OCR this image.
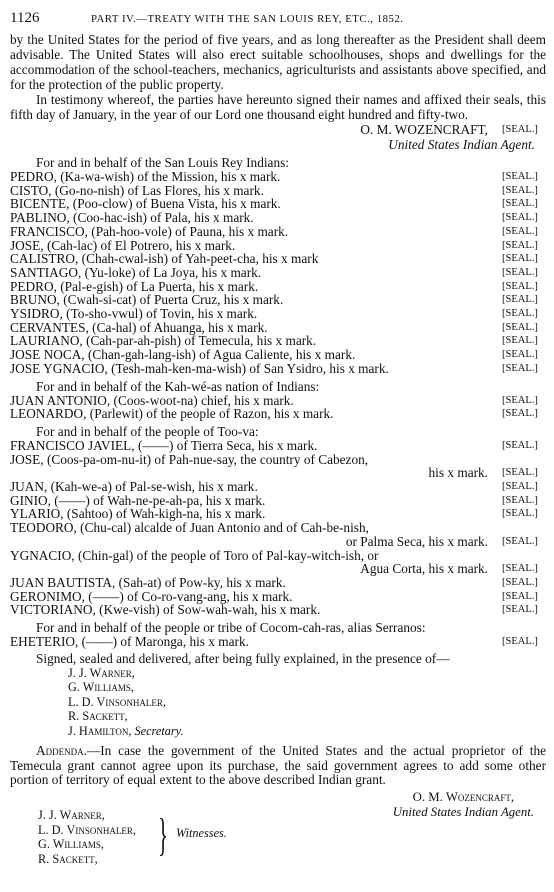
1126	PART IV.—TREATY WITH THE SAN LOUIS REY, ETC., 1852.

by the United States for the period of five years, and as long thereafter as the President shall deem advisable. The United States will also erect suitable schoolhouses, shops and dwellings for the accommodation of the school-teachers, mechanics, agriculturists and assistants above specified, and for the protection of the public property.

In testimony whereof, the parties have hereunto signed their names and affixed their seals, this fifth day of January, in the year of our Lord one thousand eight hundred and fifty-two.

O. M. WOZENCRAFT, [SEAL.]
United States Indian Agent.
For and in behalf of the San Louis Rey Indians:
PEDRO, (Ka-wa-wish) of the Mission, his x mark.	[SEAL.]
CISTO, (Go-no-nish) of Las Flores, his x mark.	[SEAL.]
BICENTE, (Poo-clow) of Buena Vista, his x mark.	[SEAL.]
PABLINO, (Coo-hac-ish) of Pala, his x mark.	[SEAL.]
FRANCISCO, (Pah-hoo-vole) of Pauna, his x mark.	[SEAL.]
JOSE, (Cah-lac) of El Potrero, his x mark.	[SEAL.]
CALISTRO, (Chah-cwal-ish) of Yah-peet-cha, his x mark	[SEAL.]
SANTIAGO, (Yu-loke) of La Joya, his x mark.	[SEAL.]
PEDRO, (Pal-e-gish) of La Puerta, his x mark.	[SEAL.]
BRUNO, (Cwah-si-cat) of Puerta Cruz, his x mark.	[SEAL.]
YSIDRO, (To-sho-vwul) of Tovin, his x mark.	[SEAL.]
CERVANTES, (Ca-hal) of Ahuanga, his x mark.	[SEAL.]
LAURIANO, (Cah-par-ah-pish) of Temecula, his x mark.	[SEAL.]
JOSE NOCA, (Chan-gah-lang-ish) of Agua Caliente, his x mark.	[SEAL.]
JOSE YGNACIO, (Tesh-mah-ken-ma-wish) of San Ysidro, his x mark.	[SEAL.]
For and in behalf of the Kah-wé-as nation of Indians:
JUAN ANTONIO, (Coos-woot-na) chief, his x mark.	[SEAL.]
LEONARDO, (Parlewit) of the people of Razon, his x mark.	[SEAL.]
For and in behalf of the people of Too-va:
FRANCISCO JAVIEL, (——) of Tierra Seca, his x mark.	[SEAL.]
JOSE, (Coos-pa-om-nu-it) of Pah-nue-say, the country of Cabezon,
his x mark.	[SEAL.]
JUAN, (Kah-we-a) of Pal-se-wish, his x mark.	[SEAL.]
GINIO, (——) of Wah-ne-pe-ah-pa, his x mark.	[SEAL.]
YLARIO, (Sahtoo) of Wah-kigh-na, his x mark.	[SEAL.]
TEODORO, (Chu-cal) alcalde of Juan Antonio and of Cah-be-nish,
or Palma Seca, his x mark.	[SEAL.]
YGNACIO, (Chin-gal) of the people of Toro of Pal-kay-witch-ish, or
Agua Corta, his x mark.	[SEAL.]
JUAN BAUTISTA, (Sah-at) of Pow-ky, his x mark.	[SEAL.]
GERONIMO, (——) of Co-ro-vang-ang, his x mark.	[SEAL.]
VICTORIANO, (Kwe-vish) of Sow-wah-wah, his x mark.	[SEAL.]
For and in behalf of the people or tribe of Cocom-cah-ras, alias Serranos:
EHETERIO, (——) of Maronga, his x mark.	[SEAL.]
Signed, sealed and delivered, after being fully explained, in the presence of—
J. J. Warner,
G. Williams,
L. D. Vinsonhaler,
R. Sackett,
J. Hamilton, Secretary.
Addenda.—In case the government of the United States and the actual proprietor of the Temecula grant cannot agree upon its purchase, the said government agrees to add some other portion of territory of equal extent to the above described Indian grant.
O. M. Wozencraft,
United States Indian Agent.
J. J. Warner,
L. D. Vinsonhaler,
G. Williams,
R. Sackett,	} Witnesses.
